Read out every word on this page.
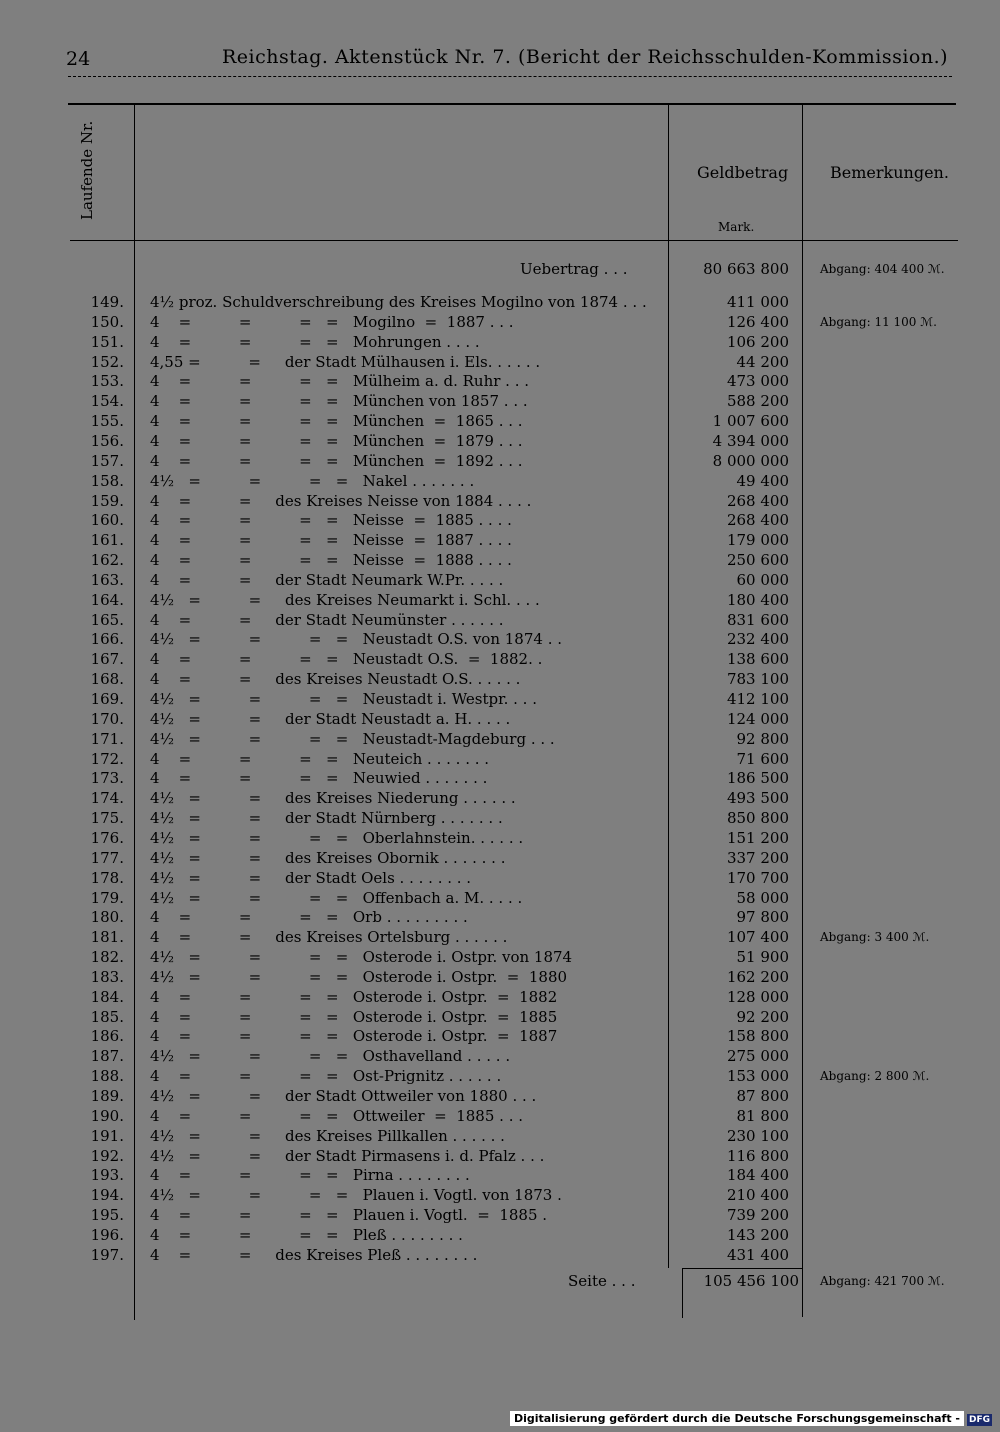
24	Reichstag. Aktenstück Nr. 7. (Bericht der Reichsschulden-Kommission.)
Laufende Nr.	Geldbetrag
Mark.
Bemerkungen.
Uebertrag . . .	80 663 800	Abgang: 404 400 ℳ.
149. 4½ proz. Schuldverschreibung des Kreises Mogilno von 1874 . . .	411 000
150. 4    =          =          =   =   Mogilno  =  1887 . . .	126 400	Abgang: 11 100 ℳ.
151. 4    =          =          =   =   Mohrungen . . . .	106 200
152. 4,55 =          =     der Stadt Mülhausen i. Els. . . . . .	44 200
153. 4    =          =          =   =   Mülheim a. d. Ruhr . . .	473 000
154. 4    =          =          =   =   München von 1857 . . .	588 200
155. 4    =          =          =   =   München  =  1865 . . .	1 007 600
156. 4    =          =          =   =   München  =  1879 . . .	4 394 000
157. 4    =          =          =   =   München  =  1892 . . .	8 000 000
158. 4½   =          =          =   =   Nakel . . . . . . .	49 400
159. 4    =          =     des Kreises Neisse von 1884 . . . .	268 400
160. 4    =          =          =   =   Neisse  =  1885 . . . .	268 400
161. 4    =          =          =   =   Neisse  =  1887 . . . .	179 000
162. 4    =          =          =   =   Neisse  =  1888 . . . .	250 600
163. 4    =          =     der Stadt Neumark W.Pr. . . . .	60 000
164. 4½   =          =     des Kreises Neumarkt i. Schl. . . .	180 400
165. 4    =          =     der Stadt Neumünster . . . . . .	831 600
166. 4½   =          =          =   =   Neustadt O.S. von 1874 . .	232 400
167. 4    =          =          =   =   Neustadt O.S.  =  1882. .	138 600
168. 4    =          =     des Kreises Neustadt O.S. . . . . .	783 100
169. 4½   =          =          =   =   Neustadt i. Westpr. . . .	412 100
170. 4½   =          =     der Stadt Neustadt a. H. . . . .	124 000
171. 4½   =          =          =   =   Neustadt-Magdeburg . . .	92 800
172. 4    =          =          =   =   Neuteich . . . . . . .	71 600
173. 4    =          =          =   =   Neuwied . . . . . . .	186 500
174. 4½   =          =     des Kreises Niederung . . . . . .	493 500
175. 4½   =          =     der Stadt Nürnberg . . . . . . .	850 800
176. 4½   =          =          =   =   Oberlahnstein. . . . . .	151 200
177. 4½   =          =     des Kreises Obornik . . . . . . .	337 200
178. 4½   =          =     der Stadt Oels . . . . . . . .	170 700
179. 4½   =          =          =   =   Offenbach a. M. . . . .	58 000
180. 4    =          =          =   =   Orb . . . . . . . . .	97 800
181. 4    =          =     des Kreises Ortelsburg . . . . . .	107 400	Abgang: 3 400 ℳ.
182. 4½   =          =          =   =   Osterode i. Ostpr. von 1874	51 900
183. 4½   =          =          =   =   Osterode i. Ostpr.  =  1880	162 200
184. 4    =          =          =   =   Osterode i. Ostpr.  =  1882	128 000
185. 4    =          =          =   =   Osterode i. Ostpr.  =  1885	92 200
186. 4    =          =          =   =   Osterode i. Ostpr.  =  1887	158 800
187. 4½   =          =          =   =   Osthavelland . . . . .	275 000
188. 4    =          =          =   =   Ost-Prignitz . . . . . .	153 000	Abgang: 2 800 ℳ.
189. 4½   =          =     der Stadt Ottweiler von 1880 . . .	87 800
190. 4    =          =          =   =   Ottweiler  =  1885 . . .	81 800
191. 4½   =          =     des Kreises Pillkallen . . . . . .	230 100
192. 4½   =          =     der Stadt Pirmasens i. d. Pfalz . . .	116 800
193. 4    =          =          =   =   Pirna . . . . . . . .	184 400
194. 4½   =          =          =   =   Plauen i. Vogtl. von 1873 .	210 400
195. 4    =          =          =   =   Plauen i. Vogtl.  =  1885 .	739 200
196. 4    =          =          =   =   Pleß . . . . . . . .	143 200
197. 4    =          =     des Kreises Pleß . . . . . . . .	431 400
Seite . . .	105 456 100 Abgang: 421 700 ℳ.
Digitalisierung gefördert durch die Deutsche Forschungsgemeinschaft - DFG
